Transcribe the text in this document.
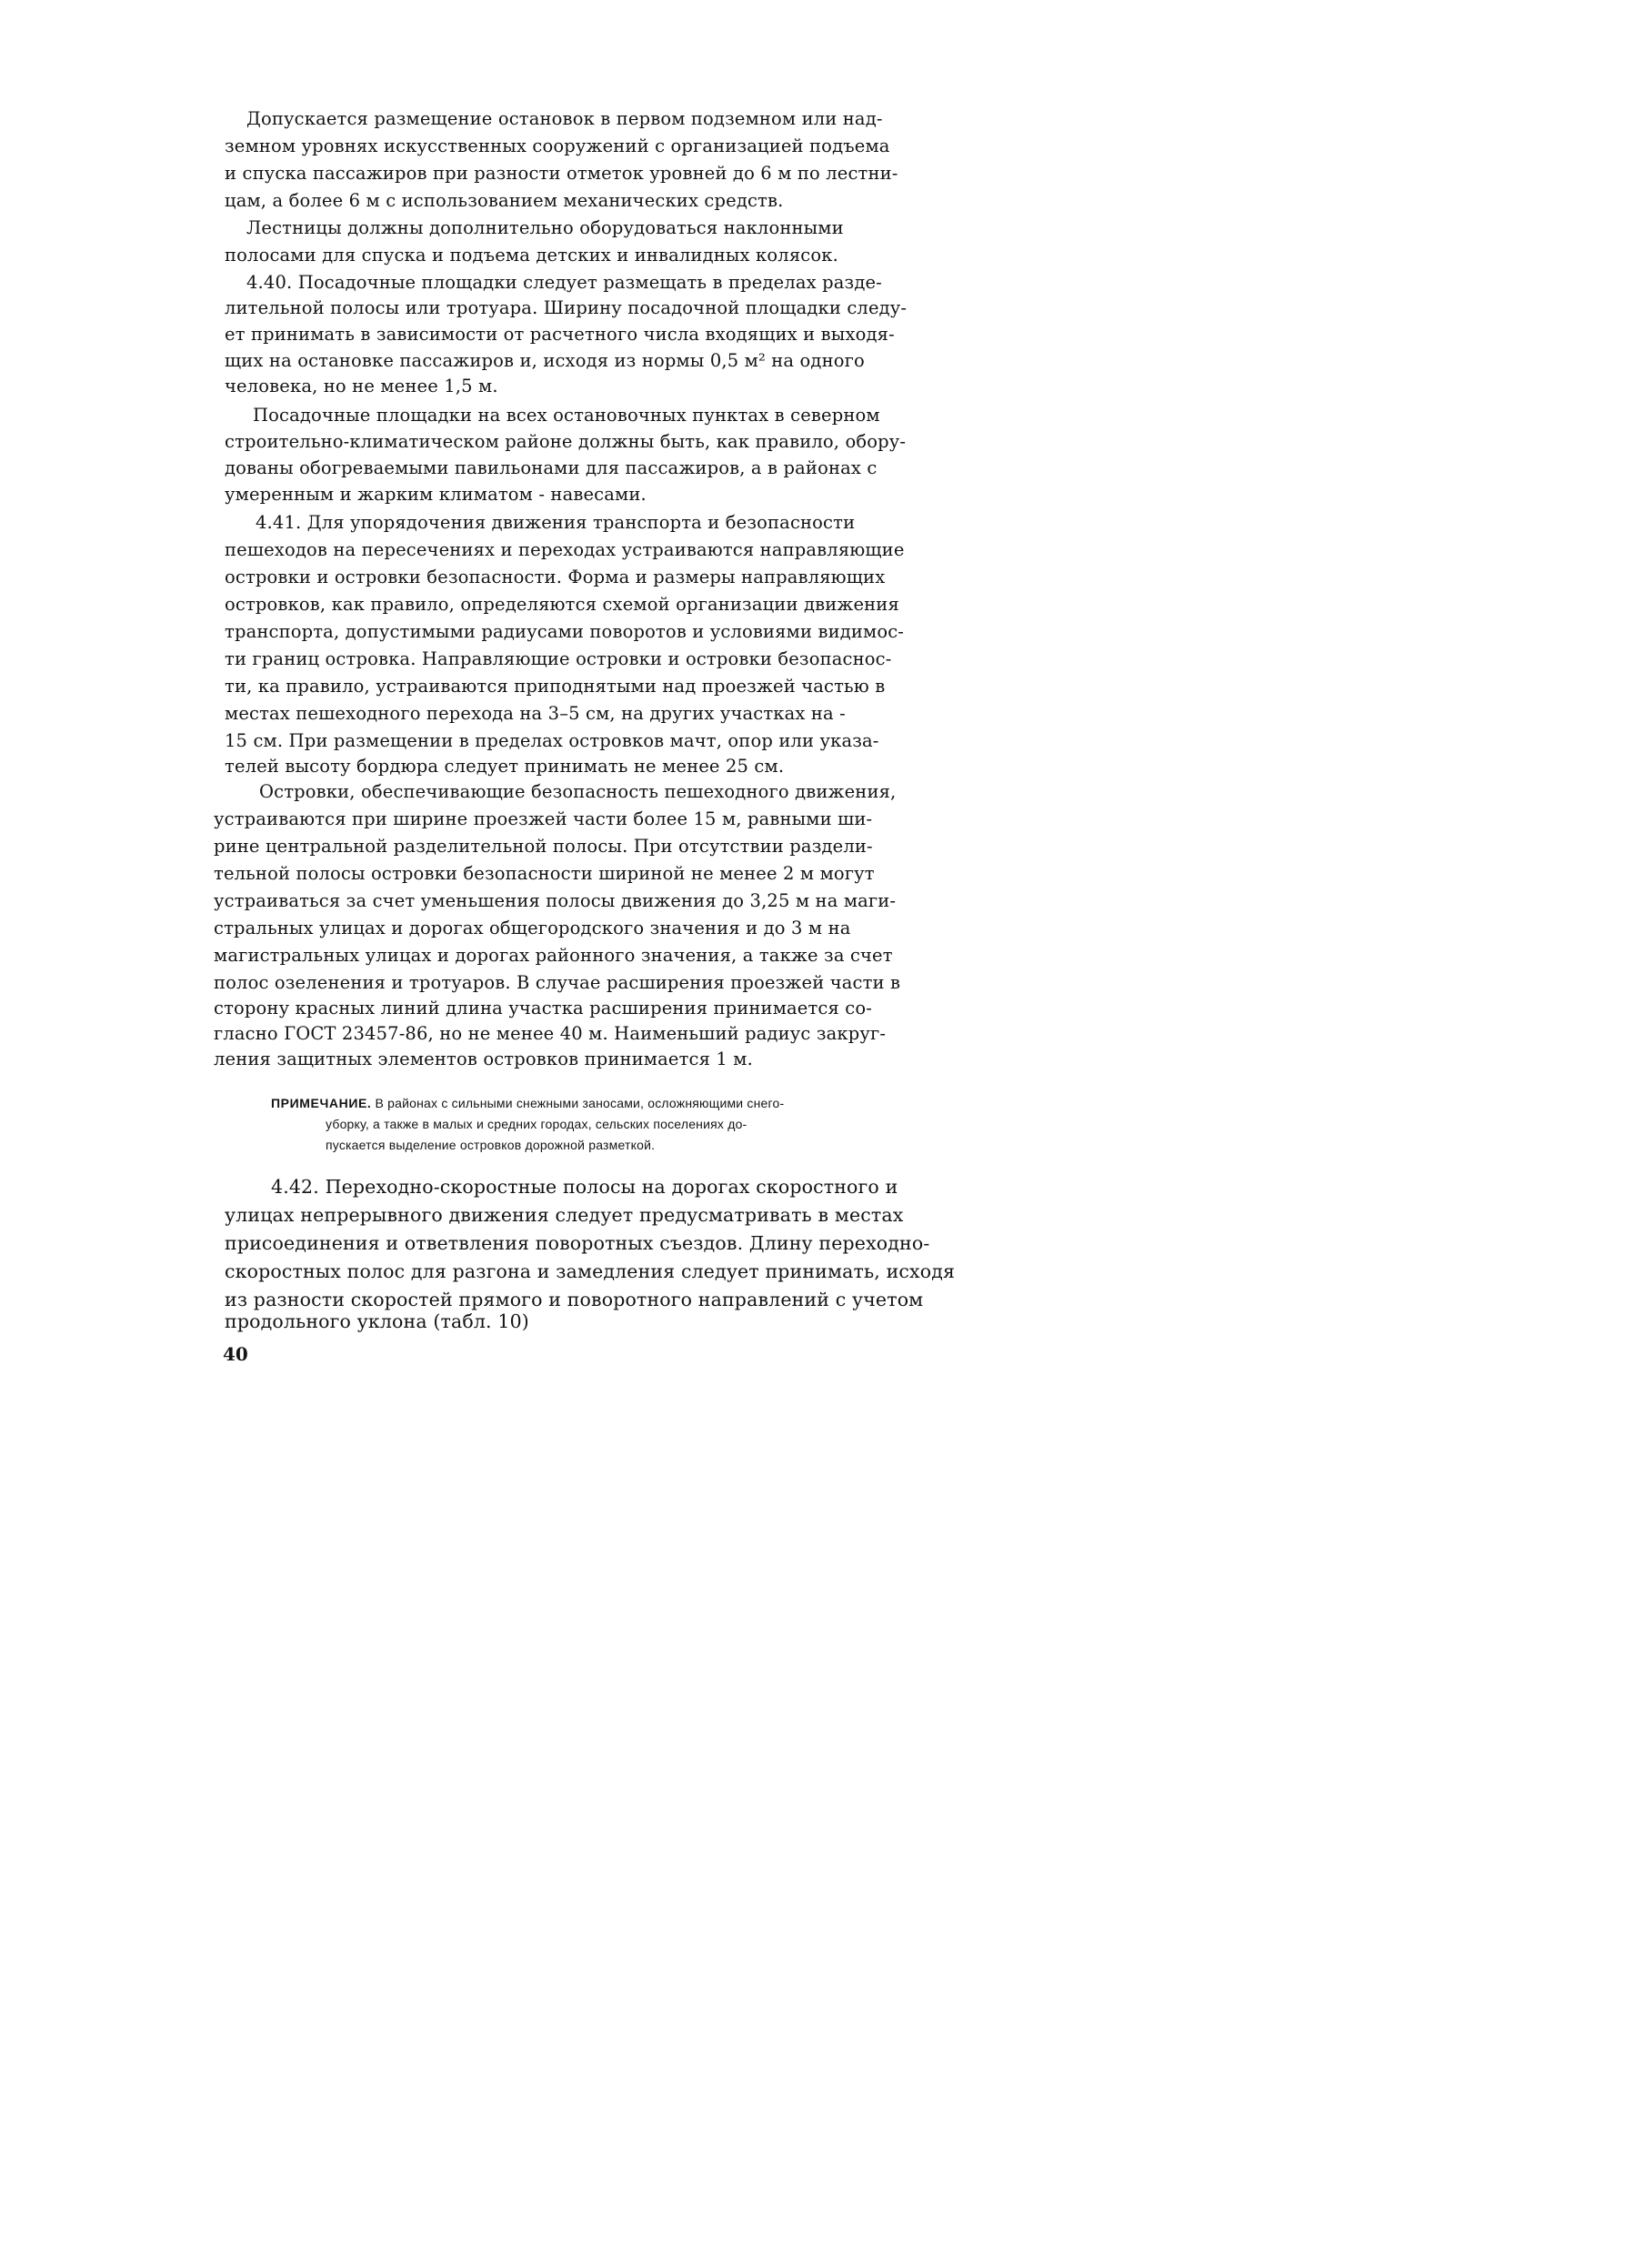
Допускается размещение остановок в первом подземном или над-
земном уровнях искусственных сооружений с организацией подъема
и спуска пассажиров при разности отметок уровней до 6 м по лестни-
цам, а более 6 м с использованием механических средств.
Лестницы должны дополнительно оборудоваться наклонными
полосами для спуска и подъема детских и инвалидных колясок.
4.40. Посадочные площадки следует размещать в пределах разде-
лительной полосы или тротуара. Ширину посадочной площадки следу-
ет принимать в зависимости от расчетного числа входящих и выходя-
щих на остановке пассажиров и, исходя из нормы 0,5 м² на одного
человека, но не менее 1,5 м.
Посадочные площадки на всех остановочных пунктах в северном
строительно-климатическом районе должны быть, как правило, обору-
дованы обогреваемыми павильонами для пассажиров, а в районах с
умеренным и жарким климатом - навесами.
4.41. Для упорядочения движения транспорта и безопасности
пешеходов на пересечениях и переходах устраиваются направляющие
островки и островки безопасности. Форма и размеры направляющих
островков, как правило, определяются схемой организации движения
транспорта, допустимыми радиусами поворотов и условиями видимос-
ти границ островка. Направляющие островки и островки безопаснос-
ти, ка правило, устраиваются приподнятыми над проезжей частью в
местах пешеходного перехода на 3–5 см, на других участках на -
15 см. При размещении в пределах островков мачт, опор или указа-
телей высоту бордюра следует принимать не менее 25 см.
Островки, обеспечивающие безопасность пешеходного движения,
устраиваются при ширине проезжей части более 15 м, равными ши-
рине центральной разделительной полосы. При отсутствии раздели-
тельной полосы островки безопасности шириной не менее 2 м могут
устраиваться за счет уменьшения полосы движения до 3,25 м на маги-
стральных улицах и дорогах общегородского значения и до 3 м на
магистральных улицах и дорогах районного значения, а также за счет
полос озеленения и тротуаров. В случае расширения проезжей части в
сторону красных линий длина участка расширения принимается со-
гласно ГОСТ 23457-86, но не менее 40 м. Наименьший радиус закруг-
ления защитных элементов островков принимается 1 м.
ПРИМЕЧАНИЕ. В районах с сильными снежными заносами, осложняющими снего-
уборку, а также в малых и средних городах, сельских поселениях до-
пускается выделение островков дорожной разметкой.
4.42. Переходно-скоростные полосы на дорогах скоростного и
улицах непрерывного движения следует предусматривать в местах
присоединения и ответвления поворотных съездов. Длину переходно-
скоростных полос для разгона и замедления следует принимать, исходя
из разности скоростей прямого и поворотного направлений с учетом
продольного уклона (табл. 10)
40
